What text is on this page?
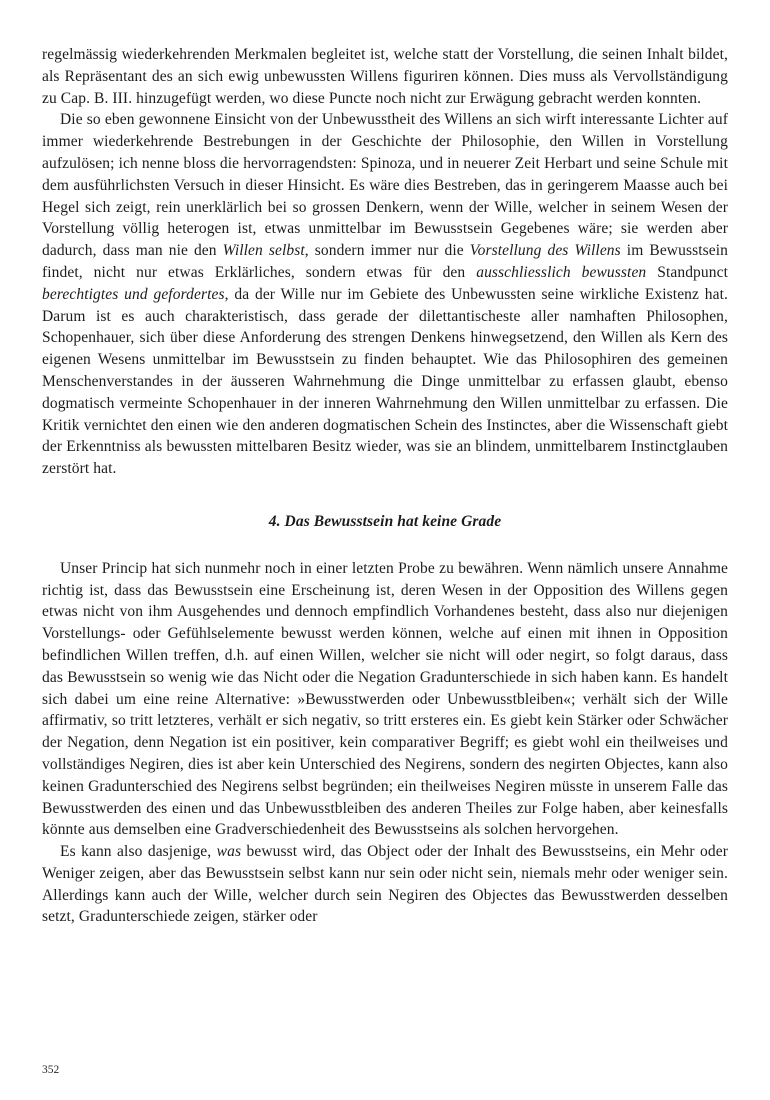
regelmässig wiederkehrenden Merkmalen begleitet ist, welche statt der Vorstellung, die seinen Inhalt bildet, als Repräsentant des an sich ewig unbewussten Willens figuriren können. Dies muss als Vervollständigung zu Cap. B. III. hinzugefügt werden, wo diese Puncte noch nicht zur Erwägung gebracht werden konnten.

Die so eben gewonnene Einsicht von der Unbewusstheit des Willens an sich wirft interessante Lichter auf immer wiederkehrende Bestrebungen in der Geschichte der Philosophie, den Willen in Vorstellung aufzulösen; ich nenne bloss die hervorragendsten: Spinoza, und in neuerer Zeit Herbart und seine Schule mit dem ausführlichsten Versuch in dieser Hinsicht. Es wäre dies Bestreben, das in geringerem Maasse auch bei Hegel sich zeigt, rein unerklärlich bei so grossen Denkern, wenn der Wille, welcher in seinem Wesen der Vorstellung völlig heterogen ist, etwas unmittelbar im Bewusstsein Gegebenes wäre; sie werden aber dadurch, dass man nie den Willen selbst, sondern immer nur die Vorstellung des Willens im Bewusstsein findet, nicht nur etwas Erklärliches, sondern etwas für den ausschliesslich bewussten Standpunct berechtigtes und gefordertes, da der Wille nur im Gebiete des Unbewussten seine wirkliche Existenz hat. Darum ist es auch charakteristisch, dass gerade der dilettantischeste aller namhaften Philosophen, Schopenhauer, sich über diese Anforderung des strengen Denkens hinwegsetzend, den Willen als Kern des eigenen Wesens unmittelbar im Bewusstsein zu finden behauptet. Wie das Philosophiren des gemeinen Menschenverstandes in der äusseren Wahrnehmung die Dinge unmittelbar zu erfassen glaubt, ebenso dogmatisch vermeinte Schopenhauer in der inneren Wahrnehmung den Willen unmittelbar zu erfassen. Die Kritik vernichtet den einen wie den anderen dogmatischen Schein des Instinctes, aber die Wissenschaft giebt der Erkenntniss als bewussten mittelbaren Besitz wieder, was sie an blindem, unmittelbarem Instinctglauben zerstört hat.

4. Das Bewusstsein hat keine Grade

Unser Princip hat sich nunmehr noch in einer letzten Probe zu bewähren. Wenn nämlich unsere Annahme richtig ist, dass das Bewusstsein eine Erscheinung ist, deren Wesen in der Opposition des Willens gegen etwas nicht von ihm Ausgehendes und dennoch empfindlich Vorhandenes besteht, dass also nur diejenigen Vorstellungs- oder Gefühlselemente bewusst werden können, welche auf einen mit ihnen in Opposition befindlichen Willen treffen, d.h. auf einen Willen, welcher sie nicht will oder negirt, so folgt daraus, dass das Bewusstsein so wenig wie das Nicht oder die Negation Gradunterschiede in sich haben kann. Es handelt sich dabei um eine reine Alternative: »Bewusstwerden oder Unbewusstbleiben«; verhält sich der Wille affirmativ, so tritt letzteres, verhält er sich negativ, so tritt ersteres ein. Es giebt kein Stärker oder Schwächer der Negation, denn Negation ist ein positiver, kein comparativer Begriff; es giebt wohl ein theilweises und vollständiges Negiren, dies ist aber kein Unterschied des Negirens, sondern des negirten Objectes, kann also keinen Gradunterschied des Negirens selbst begründen; ein theilweises Negiren müsste in unserem Falle das Bewusstwerden des einen und das Unbewusstbleiben des anderen Theiles zur Folge haben, aber keinesfalls könnte aus demselben eine Gradverschiedenheit des Bewusstseins als solchen hervorgehen.

Es kann also dasjenige, was bewusst wird, das Object oder der Inhalt des Bewusstseins, ein Mehr oder Weniger zeigen, aber das Bewusstsein selbst kann nur sein oder nicht sein, niemals mehr oder weniger sein. Allerdings kann auch der Wille, welcher durch sein Negiren des Objectes das Bewusstwerden desselben setzt, Gradunterschiede zeigen, stärker oder

352
